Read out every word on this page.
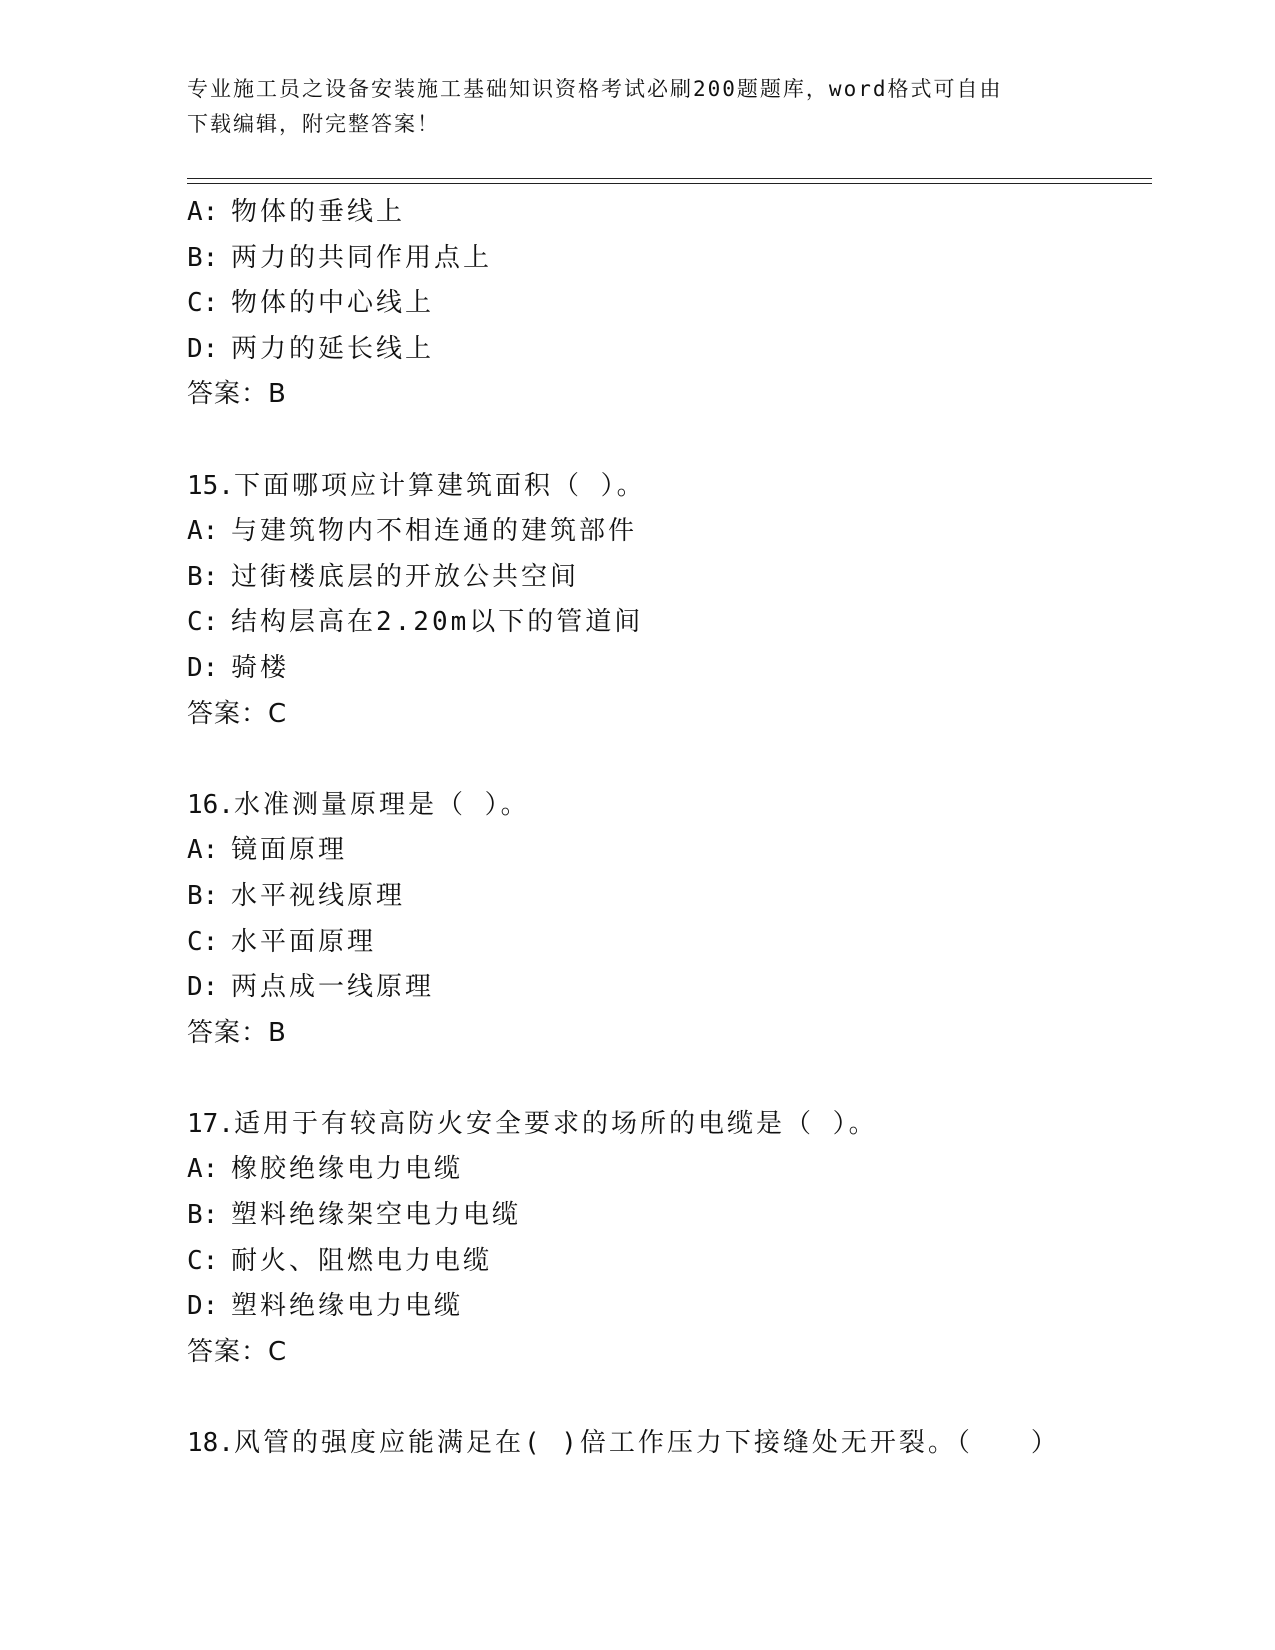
专业施工员之设备安装施工基础知识资格考试必刷200题题库，word格式可自由
下载编辑，附完整答案！
A: 物体的垂线上
B: 两力的共同作用点上
C: 物体的中心线上
D: 两力的延长线上
答案：B
15.下面哪项应计算建筑面积（ ）。
A: 与建筑物内不相连通的建筑部件
B: 过街楼底层的开放公共空间
C: 结构层高在2.20m以下的管道间
D: 骑楼
答案：C
16.水准测量原理是（ ）。
A: 镜面原理
B: 水平视线原理
C: 水平面原理
D: 两点成一线原理
答案：B
17.适用于有较高防火安全要求的场所的电缆是（ ）。
A: 橡胶绝缘电力电缆
B: 塑料绝缘架空电力电缆
C: 耐火、阻燃电力电缆
D: 塑料绝缘电力电缆
答案：C
18.风管的强度应能满足在( )倍工作压力下接缝处无开裂。（　　）
